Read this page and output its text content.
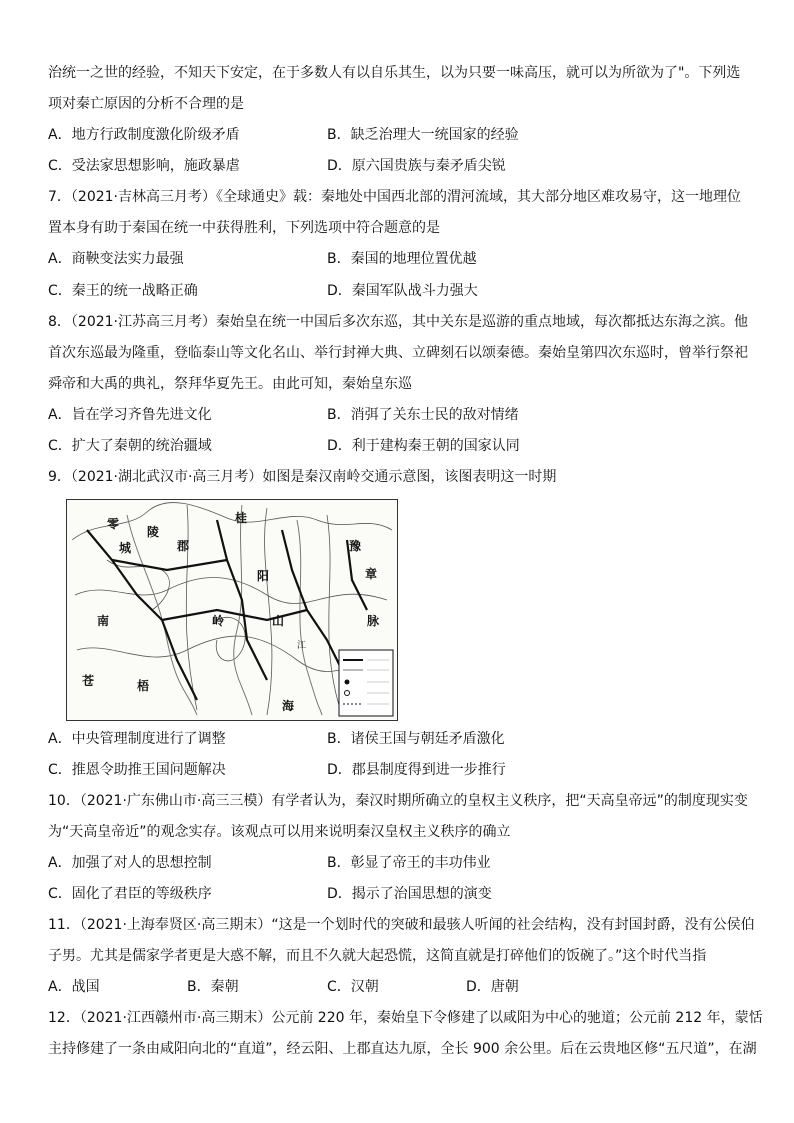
治统一之世的经验，不知天下安定，在于多数人有以自乐其生，以为只要一味高压，就可以为所欲为了"。下列选
项对秦亡原因的分析不合理的是
A．地方行政制度激化阶级矛盾	B．缺乏治理大一统国家的经验
C．受法家思想影响，施政暴虐	D．原六国贵族与秦矛盾尖锐
7．（2021·吉林高三月考）《全球通史》载：秦地处中国西北部的渭河流域，其大部分地区难攻易守，这一地理位
置本身有助于秦国在统一中获得胜利，下列选项中符合题意的是
A．商鞅变法实力最强	B．秦国的地理位置优越
C．秦王的统一战略正确	D．秦国军队战斗力强大
8．（2021·江苏高三月考）秦始皇在统一中国后多次东巡，其中关东是巡游的重点地域，每次都抵达东海之滨。他
首次东巡最为隆重，登临泰山等文化名山、举行封禅大典、立碑刻石以颂秦德。秦始皇第四次东巡时，曾举行祭祀
舜帝和大禹的典礼，祭拜华夏先王。由此可知，秦始皇东巡
A．旨在学习齐鲁先进文化	B．消弭了关东士民的敌对情绪
C．扩大了秦朝的统治疆域	D．利于建构秦王朝的国家认同
9．（2021·湖北武汉市·高三月考）如图是秦汉南岭交通示意图，该图表明这一时期
零
城
陵
郡
桂
阳
豫
章
南	岭	山	脉
苍	梧
海
江
A．中央管理制度进行了调整	B．诸侯王国与朝廷矛盾激化
C．推恩令助推王国问题解决	D．郡县制度得到进一步推行
10．（2021·广东佛山市·高三三模）有学者认为，秦汉时期所确立的皇权主义秩序，把“天高皇帝远”的制度现实变
为“天高皇帝近”的观念实存。该观点可以用来说明秦汉皇权主义秩序的确立
A．加强了对人的思想控制	B．彰显了帝王的丰功伟业
C．固化了君臣的等级秩序	D．揭示了治国思想的演变
11．（2021·上海奉贤区·高三期末）“这是一个划时代的突破和最骇人听闻的社会结构，没有封国封爵，没有公侯伯
子男。尤其是儒家学者更是大惑不解，而且不久就大起恐慌，这简直就是打碎他们的饭碗了。”这个时代当指
A．战国	B．秦朝	C．汉朝	D．唐朝
12．（2021·江西赣州市·高三期末）公元前 220 年，秦始皇下令修建了以咸阳为中心的驰道；公元前 212 年，蒙恬
主持修建了一条由咸阳向北的“直道”，经云阳、上郡直达九原，全长 900 余公里。后在云贵地区修“五尺道”，在湖
